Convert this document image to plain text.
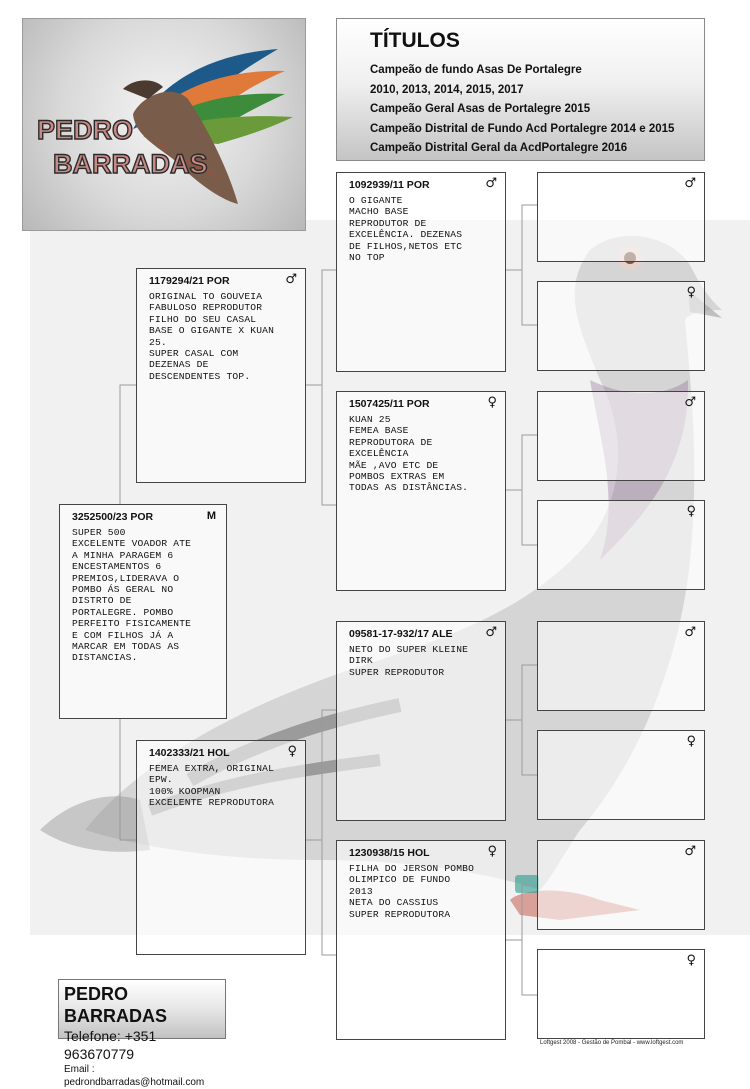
PEDRO
BARRADAS
TÍTULOS
Campeão de fundo Asas De Portalegre
2010, 2013, 2014, 2015, 2017
Campeão Geral Asas de Portalegre 2015
Campeão Distrital de Fundo Acd Portalegre 2014 e 2015
Campeão Distrital Geral da AcdPortalegre 2016
3252500/23 POR	M
SUPER 500
EXCELENTE VOADOR ATE
A MINHA PARAGEM 6
ENCESTAMENTOS 6
PREMIOS,LIDERAVA O
POMBO ÁS GERAL NO
DISTRTO DE
PORTALEGRE. POMBO
PERFEITO FISICAMENTE
E COM FILHOS JÁ A
MARCAR EM TODAS AS
DISTANCIAS.
1179294/21 POR	♂
ORIGINAL TO GOUVEIA
FABULOSO REPRODUTOR
FILHO DO SEU CASAL
BASE O GIGANTE X KUAN
25.
SUPER CASAL COM
DEZENAS DE
DESCENDENTES TOP.
1402333/21 HOL	♀
FEMEA EXTRA, ORIGINAL
EPW.
100% KOOPMAN
EXCELENTE REPRODUTORA
1092939/11 POR	♂
O GIGANTE
MACHO BASE
REPRODUTOR DE
EXCELÊNCIA. DEZENAS
DE FILHOS,NETOS ETC
NO TOP
1507425/11 POR	♀
KUAN 25
FEMEA BASE
REPRODUTORA DE
EXCELÊNCIA
MÃE ,AVO ETC DE
POMBOS EXTRAS EM
TODAS AS DISTÂNCIAS.
09581-17-932/17 ALE	♂
NETO DO SUPER KLEINE
DIRK
SUPER REPRODUTOR
1230938/15 HOL	♀
FILHA DO JERSON POMBO
OLIMPICO DE FUNDO
2013
NETA DO CASSIUS
SUPER REPRODUTORA
♂
♀
♂
♀
♂
♀
♂
♀
PEDRO BARRADAS
Telefone: +351 963670779
Email : pedrondbarradas@hotmail.com
Loftgest 2008 - Gestão de Pombal - www.loftgest.com
